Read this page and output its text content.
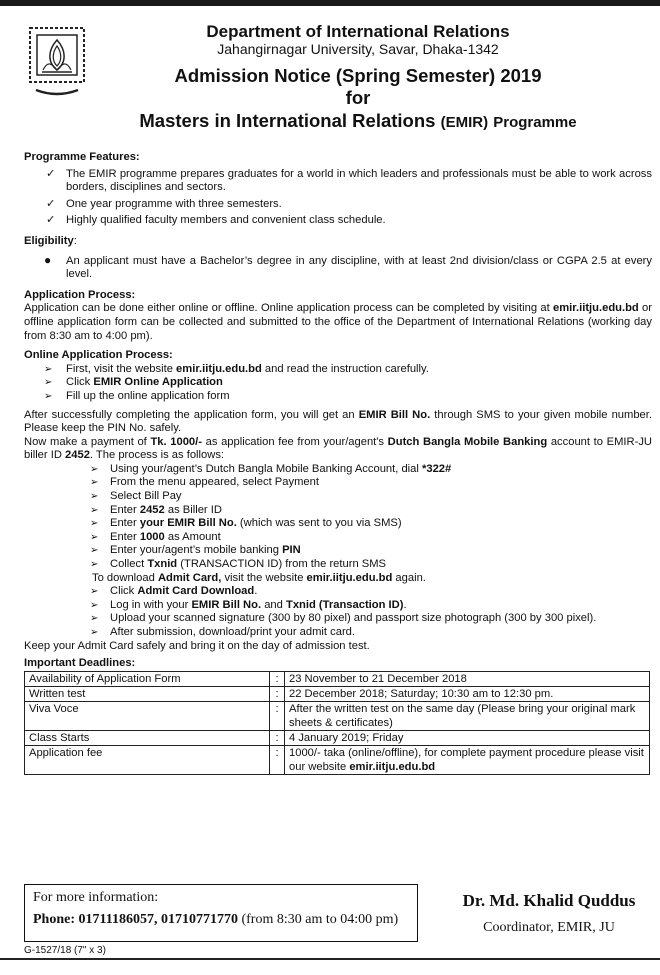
Department of International Relations
Jahangirnagar University, Savar, Dhaka-1342
Admission Notice (Spring Semester) 2019
for
Masters in International Relations (EMIR) Programme
Programme Features:
✓ The EMIR programme prepares graduates for a world in which leaders and professionals must be able to work across borders, disciplines and sectors.
✓ One year programme with three semesters.
✓ Highly qualified faculty members and convenient class schedule.
Eligibility:
● An applicant must have a Bachelor’s degree in any discipline, with at least 2nd division/class or CGPA 2.5 at every level.
Application Process:

Application can be done either online or offline. Online application process can be completed by visiting at emir.iitju.edu.bd or offline application form can be collected and submitted to the office of the Department of International Relations (working day from 8:30 am to 4:00 pm).

Online Application Process:
➢ First, visit the website emir.iitju.edu.bd and read the instruction carefully.
➢ Click EMIR Online Application
➢ Fill up the online application form

After successfully completing the application form, you will get an EMIR Bill No. through SMS to your given mobile number. Please keep the PIN No. safely.

Now make a payment of Tk. 1000/- as application fee from your/agent's Dutch Bangla Mobile Banking account to EMIR-JU biller ID 2452. The process is as follows:

➢ Using your/agent’s Dutch Bangla Mobile Banking Account, dial *322#
➢ From the menu appeared, select Payment
➢ Select Bill Pay
➢ Enter 2452 as Biller ID
➢ Enter your EMIR Bill No. (which was sent to you via SMS)
➢ Enter 1000 as Amount
➢ Enter your/agent’s mobile banking PIN
➢ Collect Txnid (TRANSACTION ID) from the return SMS
To download Admit Card, visit the website emir.iitju.edu.bd again.
➢ Click Admit Card Download.
➢ Log in with your EMIR Bill No. and Txnid (Transaction ID).
➢ Upload your scanned signature (300 by 80 pixel) and passport size photograph (300 by 300 pixel).
➢ After submission, download/print your admit card.
Keep your Admit Card safely and bring it on the day of admission test.
Important Deadlines:
Availability of Application Form	:	23 November to 21 December 2018
Written test	:	22 December 2018; Saturday; 10:30 am to 12:30 pm.
Viva Voce	:	After the written test on the same day (Please bring your original mark sheets & certificates)
Class Starts	:	4 January 2019; Friday
Application fee	:	1000/- taka (online/offline), for complete payment procedure please visit our website emir.iitju.edu.bd
For more information:
Phone: 01711186057, 01710771770 (from 8:30 am to 04:00 pm)
Dr. Md. Khalid Quddus
Coordinator, EMIR, JU
G-1527/18 (7" x 3)
